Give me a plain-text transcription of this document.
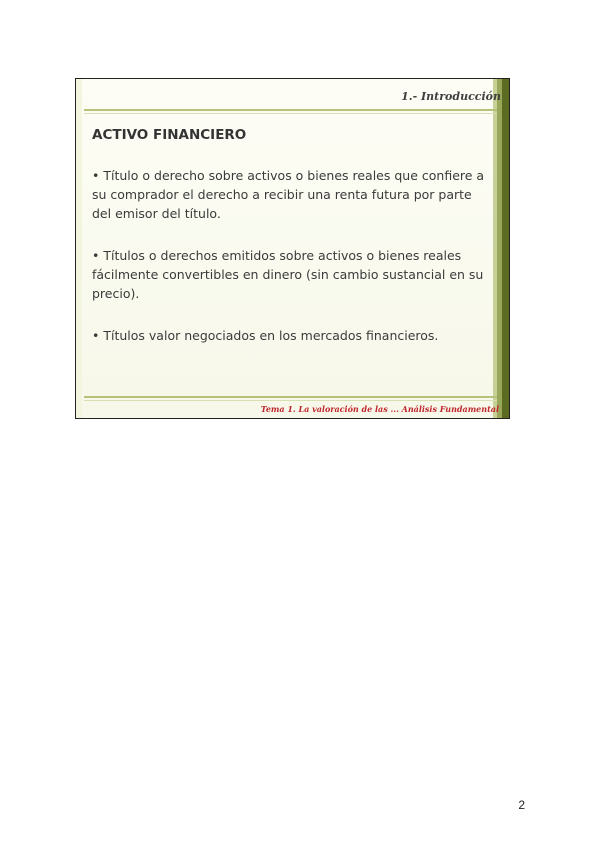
1.- Introducción
ACTIVO FINANCIERO

• Título o derecho sobre activos o bienes reales que confiere a su comprador el derecho a recibir una renta futura por parte del emisor del título.

• Títulos o derechos emitidos sobre activos o bienes reales fácilmente convertibles en dinero (sin cambio sustancial en su precio).

• Títulos valor negociados en los mercados financieros.

Tema 1. La valoración de las ... Análisis Fundamental
2
